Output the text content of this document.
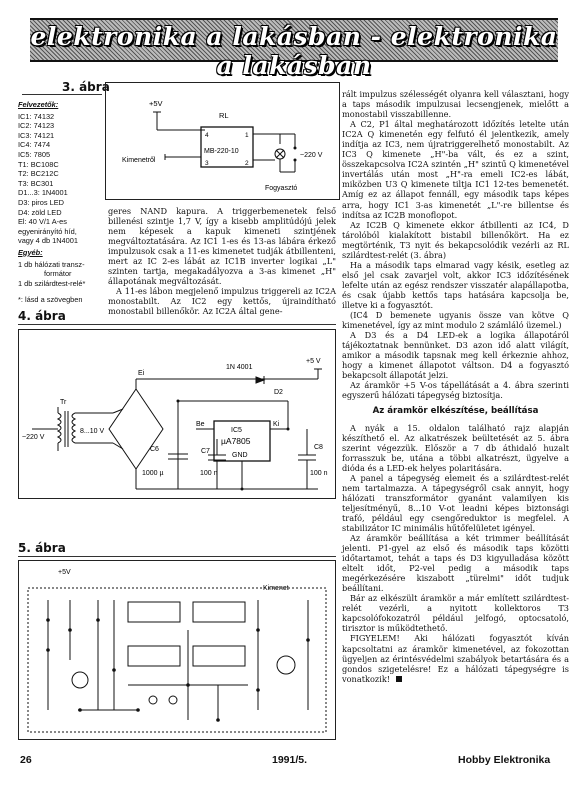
elektronika a lakásban - elektronika a lakásban
3. ábra
+5V
RL
MB-220-10
4	1
3	2
Kimenetről
~220 V
Fogyasztó
Felvezetők:
IC1: 74132
IC2: 74123
IC3: 74121
IC4: 7474
IC5: 7805
T1: BC108C
T2: BC212C
T3: BC301
D1...3: 1N4001
D3: piros LED
D4: zöld LED
El: 40 V/1 A-es
egyenirányító híd,
vagy 4 db 1N4001
Egyéb:
1 db hálózati transz-
formátor
1 db szilárdtest-relé*
*: lásd a szövegben

geres NAND kapura. A triggerbemenetek felső billenési szintje 1,7 V, így a kisebb amplitúdójú jelek nem képesek a kapuk kimeneti szintjének megváltoztatására. Az IC1 1-es és 13-as lábára érkező impulzusok csak a 11-es kimenetet tudják átbillenteni, mert az IC 2-es lábát az IC1B inverter logikai „L" szinten tartja, megakadályozva a 3-as kimenet „H" állapotának megváltozását.

A 11-es lábon megjelenő impulzus triggereli az IC2A monostabilt. Az IC2 egy kettős, újraindítható monostabil billenőkör. Az IC2A által gene-

4. ábra
Tr
~220 V
8...10 V
Ei
1N 4001
D2
+5 V
Be
IC5
µA7805
Ki
GND
C6
1000 µ
C7
100 n
C8
100 n
5. ábra
+5V
Kimenet

rált impulzus szélességét olyanra kell választani, hogy a taps második impulzusai lecsengjenek, mielőtt a monostabil visszabillenne.

A C2, P1 által meghatározott időzítés letelte után IC2A Q kimenetén egy felfutó él jelentkezik, amely indítja az IC3, nem újratriggerelhető monostabilt. Az IC3 Q kimenete „H"-ba vált, és ez a szint, összekapcsolva IC2A szintén „H" szintű Q kimenetével invertálás után most „H"-ra emeli IC2-es lábát, miközben U3 Q kimenete tiltja IC1 12-tes bemenetét. Amíg ez az állapot fennáll, egy második taps képes arra, hogy IC1 3-as kimenetét „L"-re billentse és indítsa az IC2B monoflopot.

Az IC2B Q kimenete ekkor átbillenti az IC4, D tárolóból kialakított bistabil billenőkört. Ha ez megtörténik, T3 nyit és bekapcsolódik vezérli az RL szilárdtest-relét (3. ábra)

Ha a második taps elmarad vagy késik, esetleg az első jel csak zavarjel volt, akkor IC3 időzítésének lefelte után az egész rendszer visszatér alapállapotba, és csak újabb kettős taps hatására kapcsolja be, illetve ki a fogyasztót.

(IC4 D bemenete ugyanis össze van kötve Q kimenetével, így az mint modulo 2 számláló üzemel.)

A D3 és a D4 LED-ek a logika állapotáról tájékoztatnak bennünket. D3 azon idő alatt világít, amikor a második tapsnak meg kell érkeznie ahhoz, hogy a kimenet állapotot váltson. D4 a fogyasztó bekapcsolt állapotát jelzi.

Az áramkör +5 V-os tápellátását a 4. ábra szerinti egyszerű hálózati tápegység biztosítja.

Az áramkör elkészítése, beállítása

A nyák a 15. oldalon található rajz alapján készíthető el. Az alkatrészek beültetését az 5. ábra szerint végezzük. Először a 7 db áthidaló huzalt forrasszuk be, utána a többi alkatrészt, ügyelve a dióda és a LED-ek helyes polaritására.

A panel a tápegység elemeit és a szilárdtest-relét nem tartalmazza. A tápegységről csak annyit, hogy hálózati transzformátor gyanánt valamilyen kis teljesítményű, 8...10 V-ot leadni képes biztonsági trafó, például egy csengőreduktor is megfelel. A stabilizátor IC minimális hűtőfelületet igényel.

Az áramkör beállítása a két trimmer beállítását jelenti. P1-gyel az első és második taps közötti időtartamot, tehát a taps és D3 kigyulladása között eltelt időt, P2-vel pedig a második taps megérkezésére kiszabott „türelmi" időt tudjuk beállítani.

Bár az elkészült áramkör a már említett szilárdtest-relét vezérli, a nyitott kollektoros T3 kapcsolófokozatról például jelfogó, optocsatoló, tirisztor is működtethető.

FIGYELEM! Aki hálózati fogyasztót kíván kapcsoltatni az áramkör kimenetével, az fokozottan ügyeljen az érintésvédelmi szabályok betartására és a gondos szigetelésre! Ez a hálózati tápegységre is vonatkozik!

26	1991/5.	Hobby Elektronika
